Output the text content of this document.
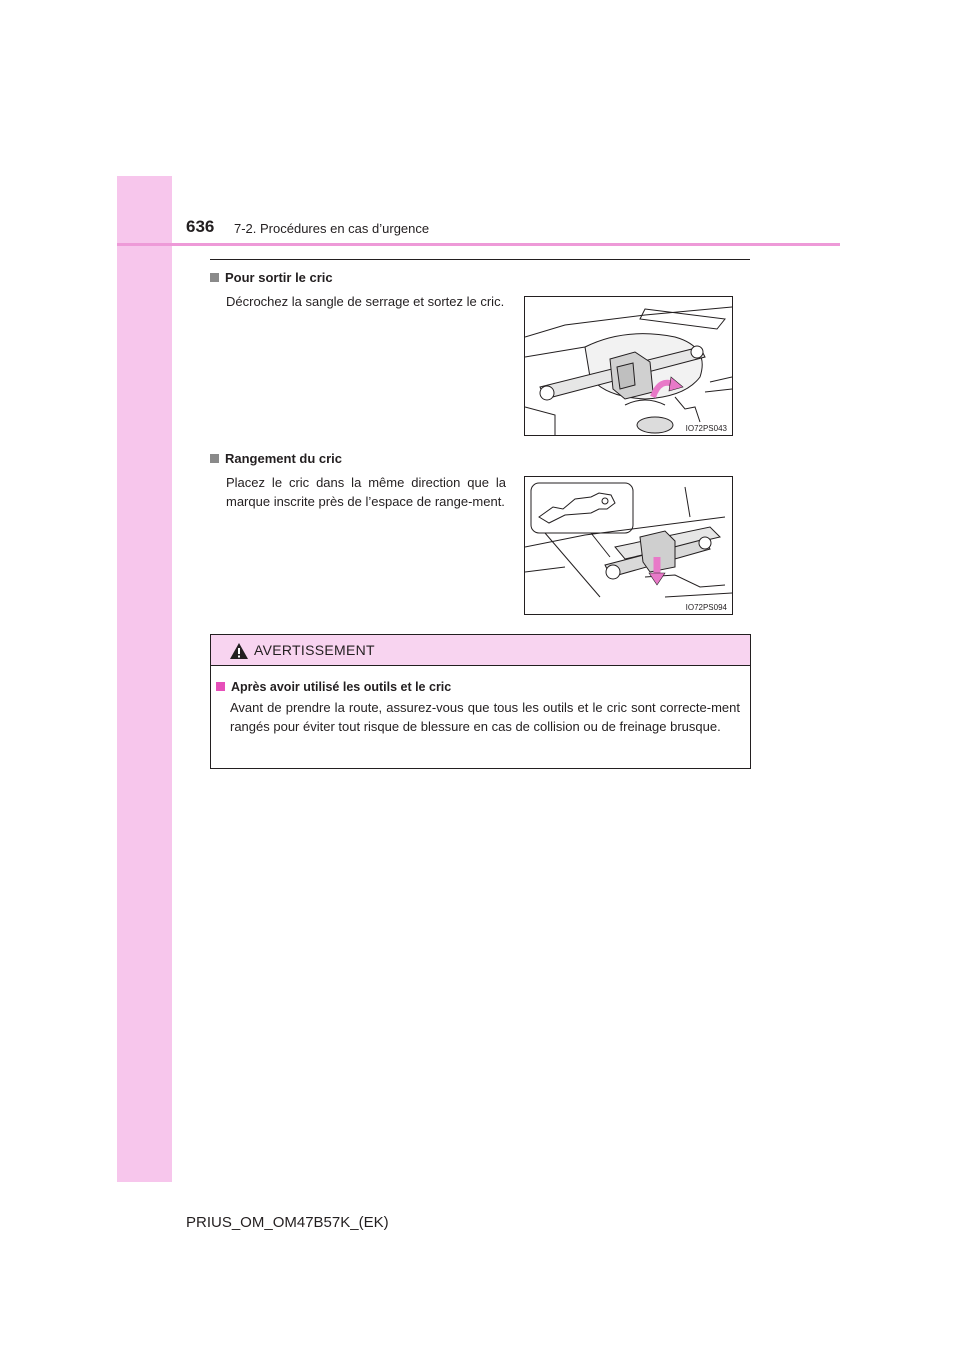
636 7-2. Procédures en cas d’urgence
Pour sortir le cric
Décrochez la sangle de serrage et sortez le cric.
IO72PS043
Rangement du cric
Placez le cric dans la même direction que la marque inscrite près de l’espace de range-ment.
IO72PS094
AVERTISSEMENT
Après avoir utilisé les outils et le cric
Avant de prendre la route, assurez-vous que tous les outils et le cric sont correcte-ment rangés pour éviter tout risque de blessure en cas de collision ou de freinage brusque.
PRIUS_OM_OM47B57K_(EK)
